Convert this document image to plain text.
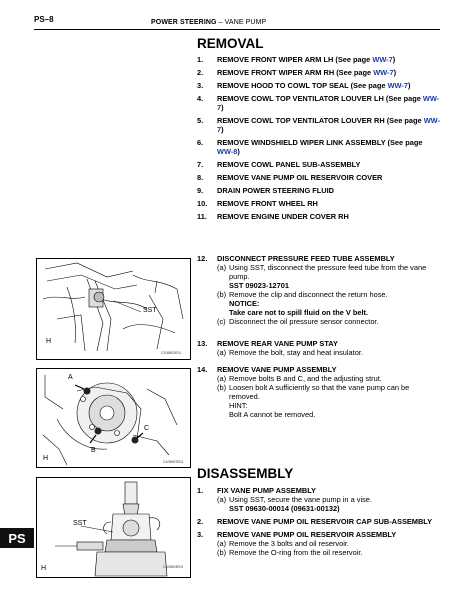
PS–8	POWER STEERING – VANE PUMP
REMOVAL
1.	REMOVE FRONT WIPER ARM LH (See page WW-7)
2.	REMOVE FRONT WIPER ARM RH (See page WW-7)
3.	REMOVE HOOD TO COWL TOP SEAL (See page WW-7)
4.	REMOVE COWL TOP VENTILATOR LOUVER LH (See page WW-7)
5.	REMOVE COWL TOP VENTILATOR LOUVER RH (See page WW-7)
6.	REMOVE WINDSHIELD WIPER LINK ASSEMBLY (See page WW-8)
7.	REMOVE COWL PANEL SUB-ASSEMBLY
8.	REMOVE VANE PUMP OIL RESERVOIR COVER
9.	DRAIN POWER STEERING FLUID
10.	REMOVE FRONT WHEEL RH
11.	REMOVE ENGINE UNDER COVER RH
12.	DISCONNECT PRESSURE FEED TUBE ASSEMBLY
(a) Using SST, disconnect the pressure feed tube from the vane pump.
SST 09023-12701
(b) Remove the clip and disconnect the return hose.
NOTICE:
Take care not to spill fluid on the V belt.
(c) Disconnect the oil pressure sensor connector.
13.	REMOVE REAR VANE PUMP STAY
(a) Remove the bolt, stay and heat insulator.
14.	REMOVE VANE PUMP ASSEMBLY
(a) Remove bolts B and C, and the adjusting strut.
(b) Loosen bolt A sufficiently so that the vane pump can be removed.
HINT:
Bolt A cannot be removed.
DISASSEMBLY
1.	FIX VANE PUMP ASSEMBLY
(a) Using SST, secure the vane pump in a vise.
SST 09630-00014 (09631-00132)
2.	REMOVE VANE PUMP OIL RESERVOIR CAP SUB-ASSEMBLY
3.	REMOVE VANE PUMP OIL RESERVOIR ASSEMBLY
(a) Remove the 3 bolts and oil reservoir.
(b) Remove the O-ring from the oil reservoir.
SST
H
C109802E01
A
B
C
H	C109697E01
SST
H	C109803E01
PS
